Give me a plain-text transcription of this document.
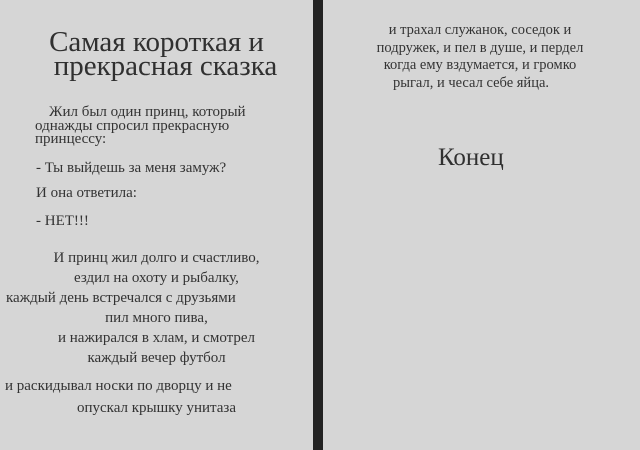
Самая короткая и
прекрасная сказка
Жил был один принц, который
однажды спросил прекрасную
принцессу:
- Ты выйдешь за меня замуж?
И она ответила:
- НЕТ!!!
И принц жил долго и счастливо,
ездил на охоту и рыбалку,
каждый день встречался с друзьями
пил много пива,
и нажирался в хлам, и смотрел
каждый вечер футбол
и раскидывал носки по дворцу и не
опускал крышку унитаза
и трахал служанок, соседок и
подружек, и пел в душе, и пердел
когда ему вздумается, и громко
рыгал, и чесал себе яйца.
Конец
